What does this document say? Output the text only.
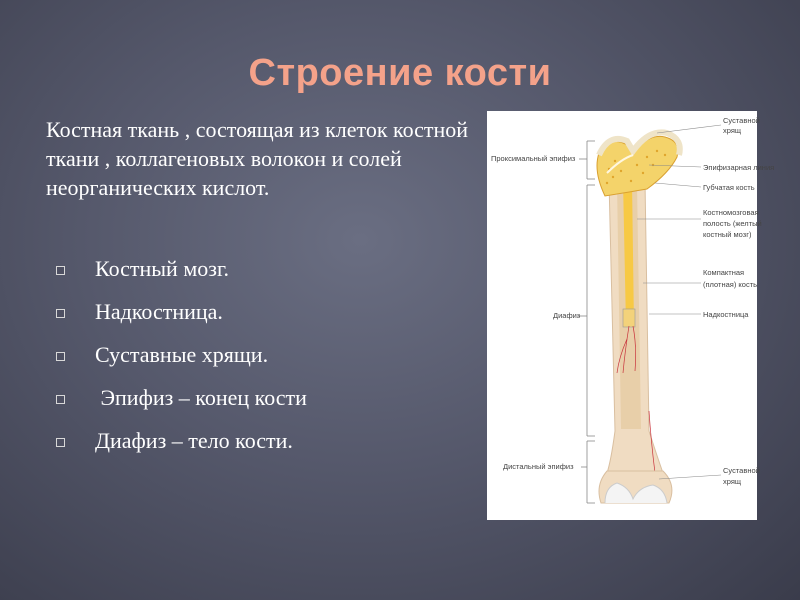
Строение кости
Костная ткань , состоящая из клеток костной ткани , коллагеновых волокон и солей неорганических кислот.
Костный мозг.
Надкостница.
Суставные хрящи.
Эпифиз – конец кости
Диафиз – тело кости.
Проксимальный эпифиз
Диафиз
Дистальный эпифиз
Суставной
хрящ
Эпифизарная линия
Губчатая кость
Костномозговая
полость (желтый
костный мозг)
Компактная
(плотная) кость
Надкостница
Суставной
хрящ
